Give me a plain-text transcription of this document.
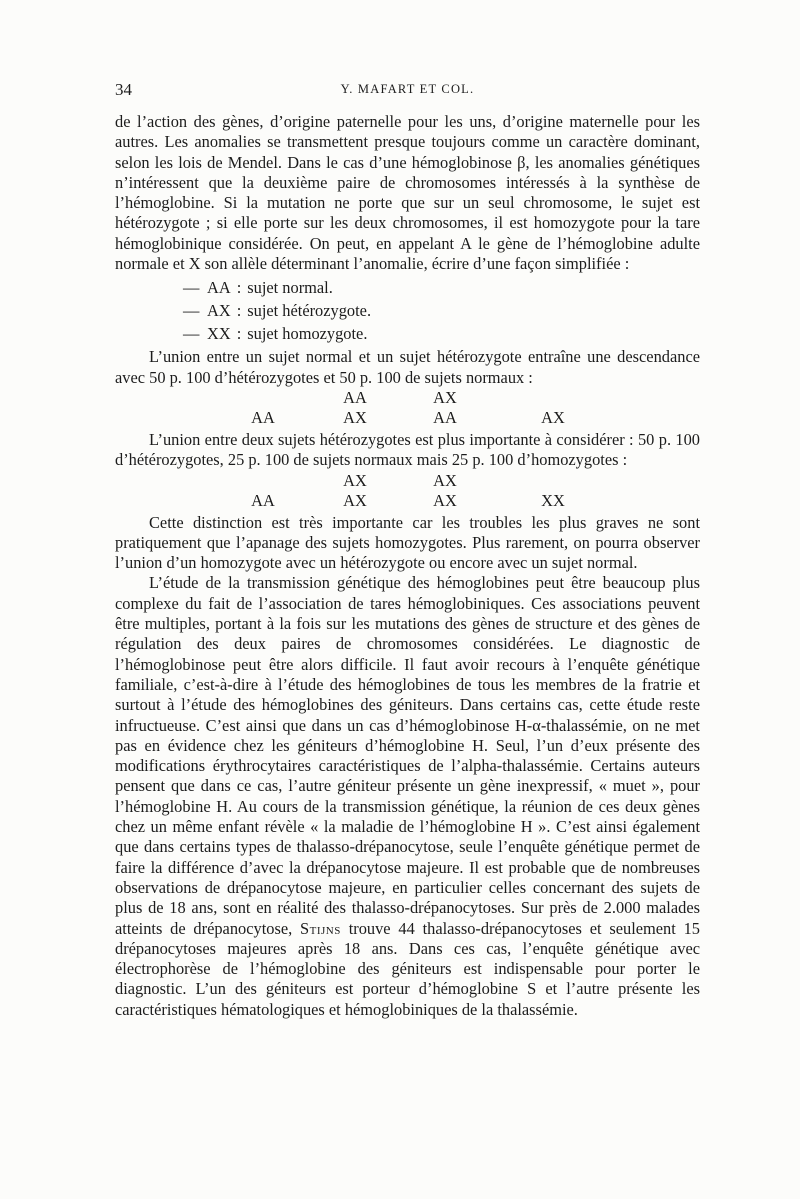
34	Y. MAFART ET COL.

de l’action des gènes, d’origine paternelle pour les uns, d’origine maternelle pour les autres. Les anomalies se transmettent presque toujours comme un caractère dominant, selon les lois de Mendel. Dans le cas d’une hémoglobinose β, les anomalies génétiques n’intéressent que la deuxième paire de chromosomes intéressés à la synthèse de l’hémoglobine. Si la mutation ne porte que sur un seul chromosome, le sujet est hétérozygote ; si elle porte sur les deux chromosomes, il est homozygote pour la tare hémoglobinique considérée. On peut, en appelant A le gène de l’hémoglobine adulte normale et X son allèle déterminant l’anomalie, écrire d’une façon simplifiée :

— AA : sujet normal.
— AX : sujet hétérozygote.
— XX : sujet homozygote.

L’union entre un sujet normal et un sujet hétérozygote entraîne une descendance avec 50 p. 100 d’hétérozygotes et 50 p. 100 de sujets normaux :

AA	AX
AA	AX	AA	AX

L’union entre deux sujets hétérozygotes est plus importante à considérer : 50 p. 100 d’hétérozygotes, 25 p. 100 de sujets normaux mais 25 p. 100 d’homozygotes :

AX	AX
AA	AX	AX	XX

Cette distinction est très importante car les troubles les plus graves ne sont pratiquement que l’apanage des sujets homozygotes. Plus rarement, on pourra observer l’union d’un homozygote avec un hétérozygote ou encore avec un sujet normal.

L’étude de la transmission génétique des hémoglobines peut être beaucoup plus complexe du fait de l’association de tares hémoglobiniques. Ces associations peuvent être multiples, portant à la fois sur les mutations des gènes de structure et des gènes de régulation des deux paires de chromosomes considérées. Le diagnostic de l’hémoglobinose peut être alors difficile. Il faut avoir recours à l’enquête génétique familiale, c’est-à-dire à l’étude des hémoglobines de tous les membres de la fratrie et surtout à l’étude des hémoglobines des géniteurs. Dans certains cas, cette étude reste infructueuse. C’est ainsi que dans un cas d’hémoglobinose H-α-thalassémie, on ne met pas en évidence chez les géniteurs d’hémoglobine H. Seul, l’un d’eux présente des modifications érythrocytaires caractéristiques de l’alpha-thalassémie. Certains auteurs pensent que dans ce cas, l’autre géniteur présente un gène inexpressif, « muet », pour l’hémoglobine H. Au cours de la transmission génétique, la réunion de ces deux gènes chez un même enfant révèle « la maladie de l’hémoglobine H ». C’est ainsi également que dans certains types de thalasso-drépanocytose, seule l’enquête génétique permet de faire la différence d’avec la drépanocytose majeure. Il est probable que de nombreuses observations de drépanocytose majeure, en particulier celles concernant des sujets de plus de 18 ans, sont en réalité des thalasso-drépanocytoses. Sur près de 2.000 malades atteints de drépanocytose, Stijns trouve 44 thalasso-drépanocytoses et seulement 15 drépanocytoses majeures après 18 ans. Dans ces cas, l’enquête génétique avec électrophorèse de l’hémoglobine des géniteurs est indispensable pour porter le diagnostic. L’un des géniteurs est porteur d’hémoglobine S et l’autre présente les caractéristiques hématologiques et hémoglobiniques de la thalassémie.
